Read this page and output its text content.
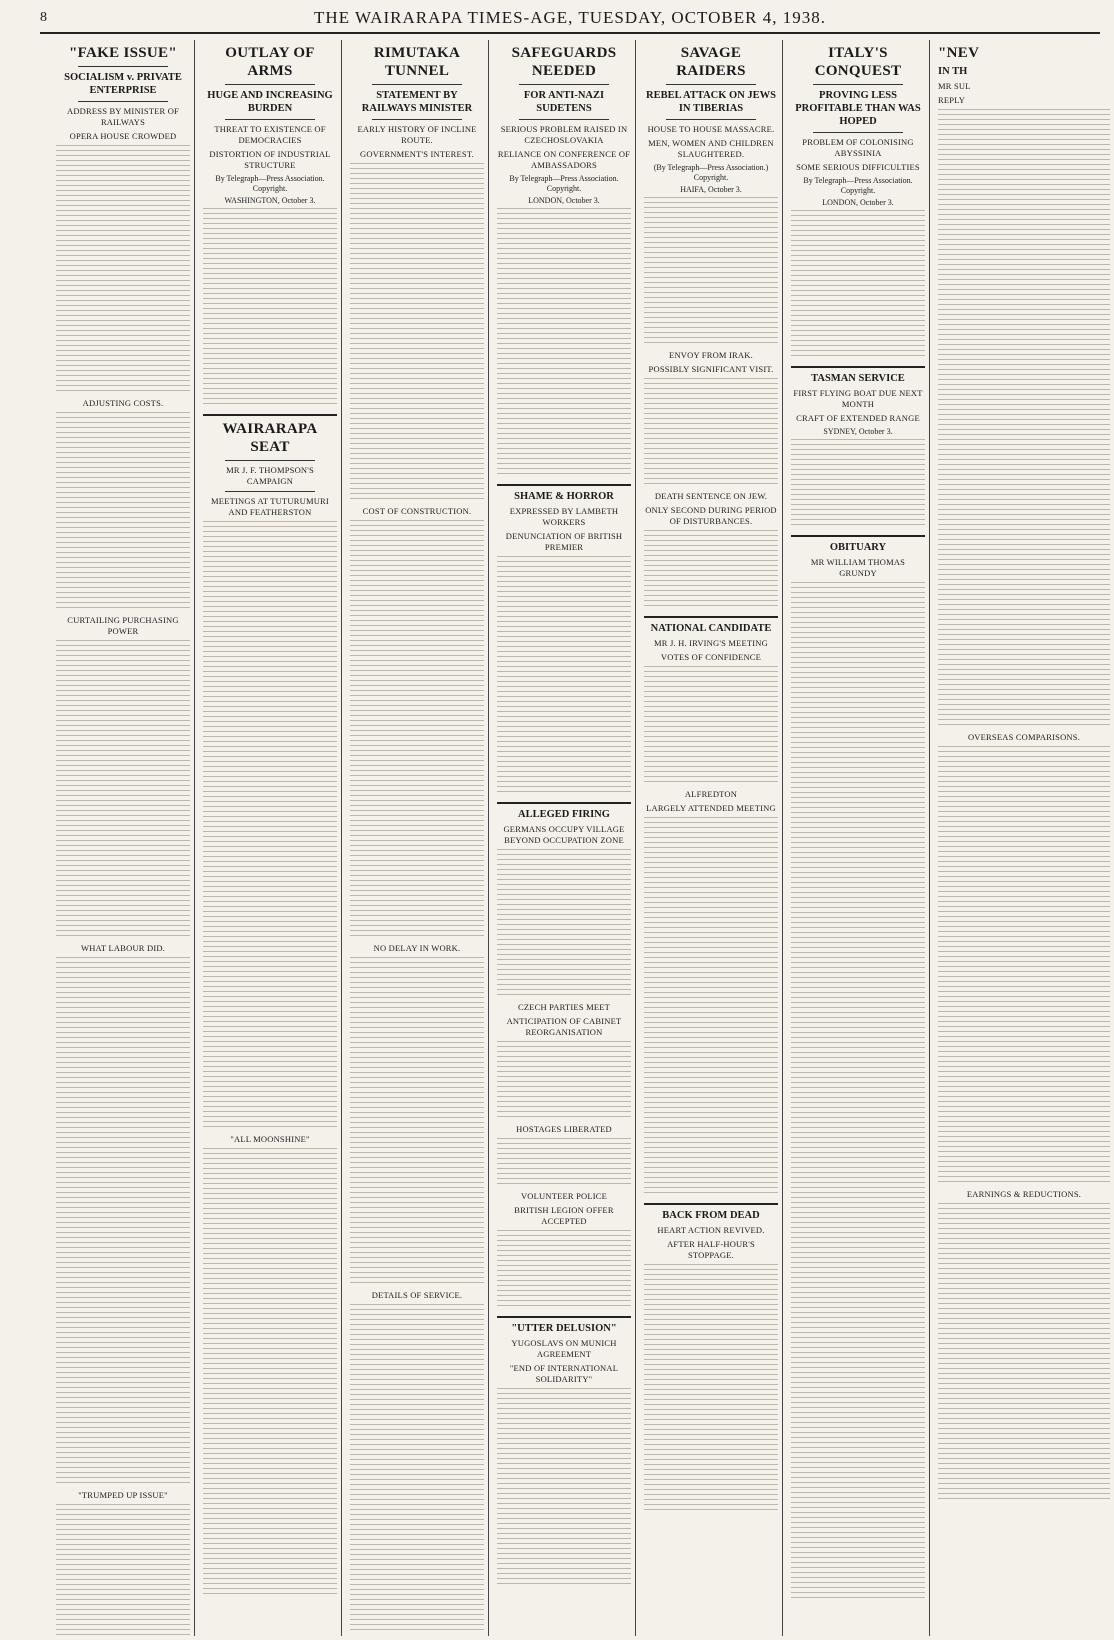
8	THE WAIRARAPA TIMES-AGE, TUESDAY, OCTOBER 4, 1938.
"FAKE ISSUE"
SOCIALISM v. PRIVATE ENTERPRISE
ADDRESS BY MINISTER OF RAILWAYS
OPERA HOUSE CROWDED
ADJUSTING COSTS.
CURTAILING PURCHASING POWER
WHAT LABOUR DID.
"TRUMPED UP ISSUE"
OUTLAY OF ARMS
HUGE AND INCREASING BURDEN
THREAT TO EXISTENCE OF DEMOCRACIES
DISTORTION OF INDUSTRIAL STRUCTURE
By Telegraph—Press Association. Copyright.
WASHINGTON, October 3.
WAIRARAPA SEAT
MR J. F. THOMPSON'S CAMPAIGN
MEETINGS AT TUTURUMURI AND FEATHERSTON
"ALL MOONSHINE"
RIMUTAKA TUNNEL
STATEMENT BY RAILWAYS MINISTER
EARLY HISTORY OF INCLINE ROUTE.
GOVERNMENT'S INTEREST.
COST OF CONSTRUCTION.
NO DELAY IN WORK.
DETAILS OF SERVICE.
SAFEGUARDS NEEDED
FOR ANTI-NAZI SUDETENS
SERIOUS PROBLEM RAISED IN CZECHOSLOVAKIA
RELIANCE ON CONFERENCE OF AMBASSADORS
By Telegraph—Press Association. Copyright.
LONDON, October 3.
SHAME & HORROR
EXPRESSED BY LAMBETH WORKERS
DENUNCIATION OF BRITISH PREMIER
ALLEGED FIRING
GERMANS OCCUPY VILLAGE BEYOND OCCUPATION ZONE
CZECH PARTIES MEET
ANTICIPATION OF CABINET REORGANISATION
HOSTAGES LIBERATED
VOLUNTEER POLICE
BRITISH LEGION OFFER ACCEPTED
"UTTER DELUSION"
YUGOSLAVS ON MUNICH AGREEMENT
"END OF INTERNATIONAL SOLIDARITY"
SAVAGE RAIDERS
REBEL ATTACK ON JEWS IN TIBERIAS
HOUSE TO HOUSE MASSACRE.
MEN, WOMEN AND CHILDREN SLAUGHTERED.
(By Telegraph—Press Association.) Copyright.
HAIFA, October 3.
ENVOY FROM IRAK.
POSSIBLY SIGNIFICANT VISIT.
DEATH SENTENCE ON JEW.
ONLY SECOND DURING PERIOD OF DISTURBANCES.
NATIONAL CANDIDATE
MR J. H. IRVING'S MEETING
VOTES OF CONFIDENCE
ALFREDTON
LARGELY ATTENDED MEETING
BACK FROM DEAD
HEART ACTION REVIVED.
AFTER HALF-HOUR'S STOPPAGE.
ITALY'S CONQUEST
PROVING LESS PROFITABLE THAN WAS HOPED
PROBLEM OF COLONISING ABYSSINIA
SOME SERIOUS DIFFICULTIES
By Telegraph—Press Association. Copyright.
LONDON, October 3.
TASMAN SERVICE
FIRST FLYING BOAT DUE NEXT MONTH
CRAFT OF EXTENDED RANGE
SYDNEY, October 3.
OBITUARY
MR WILLIAM THOMAS GRUNDY
"NEV
IN TH
MR SUL
REPLY
OVERSEAS COMPARISONS.
EARNINGS & REDUCTIONS.
